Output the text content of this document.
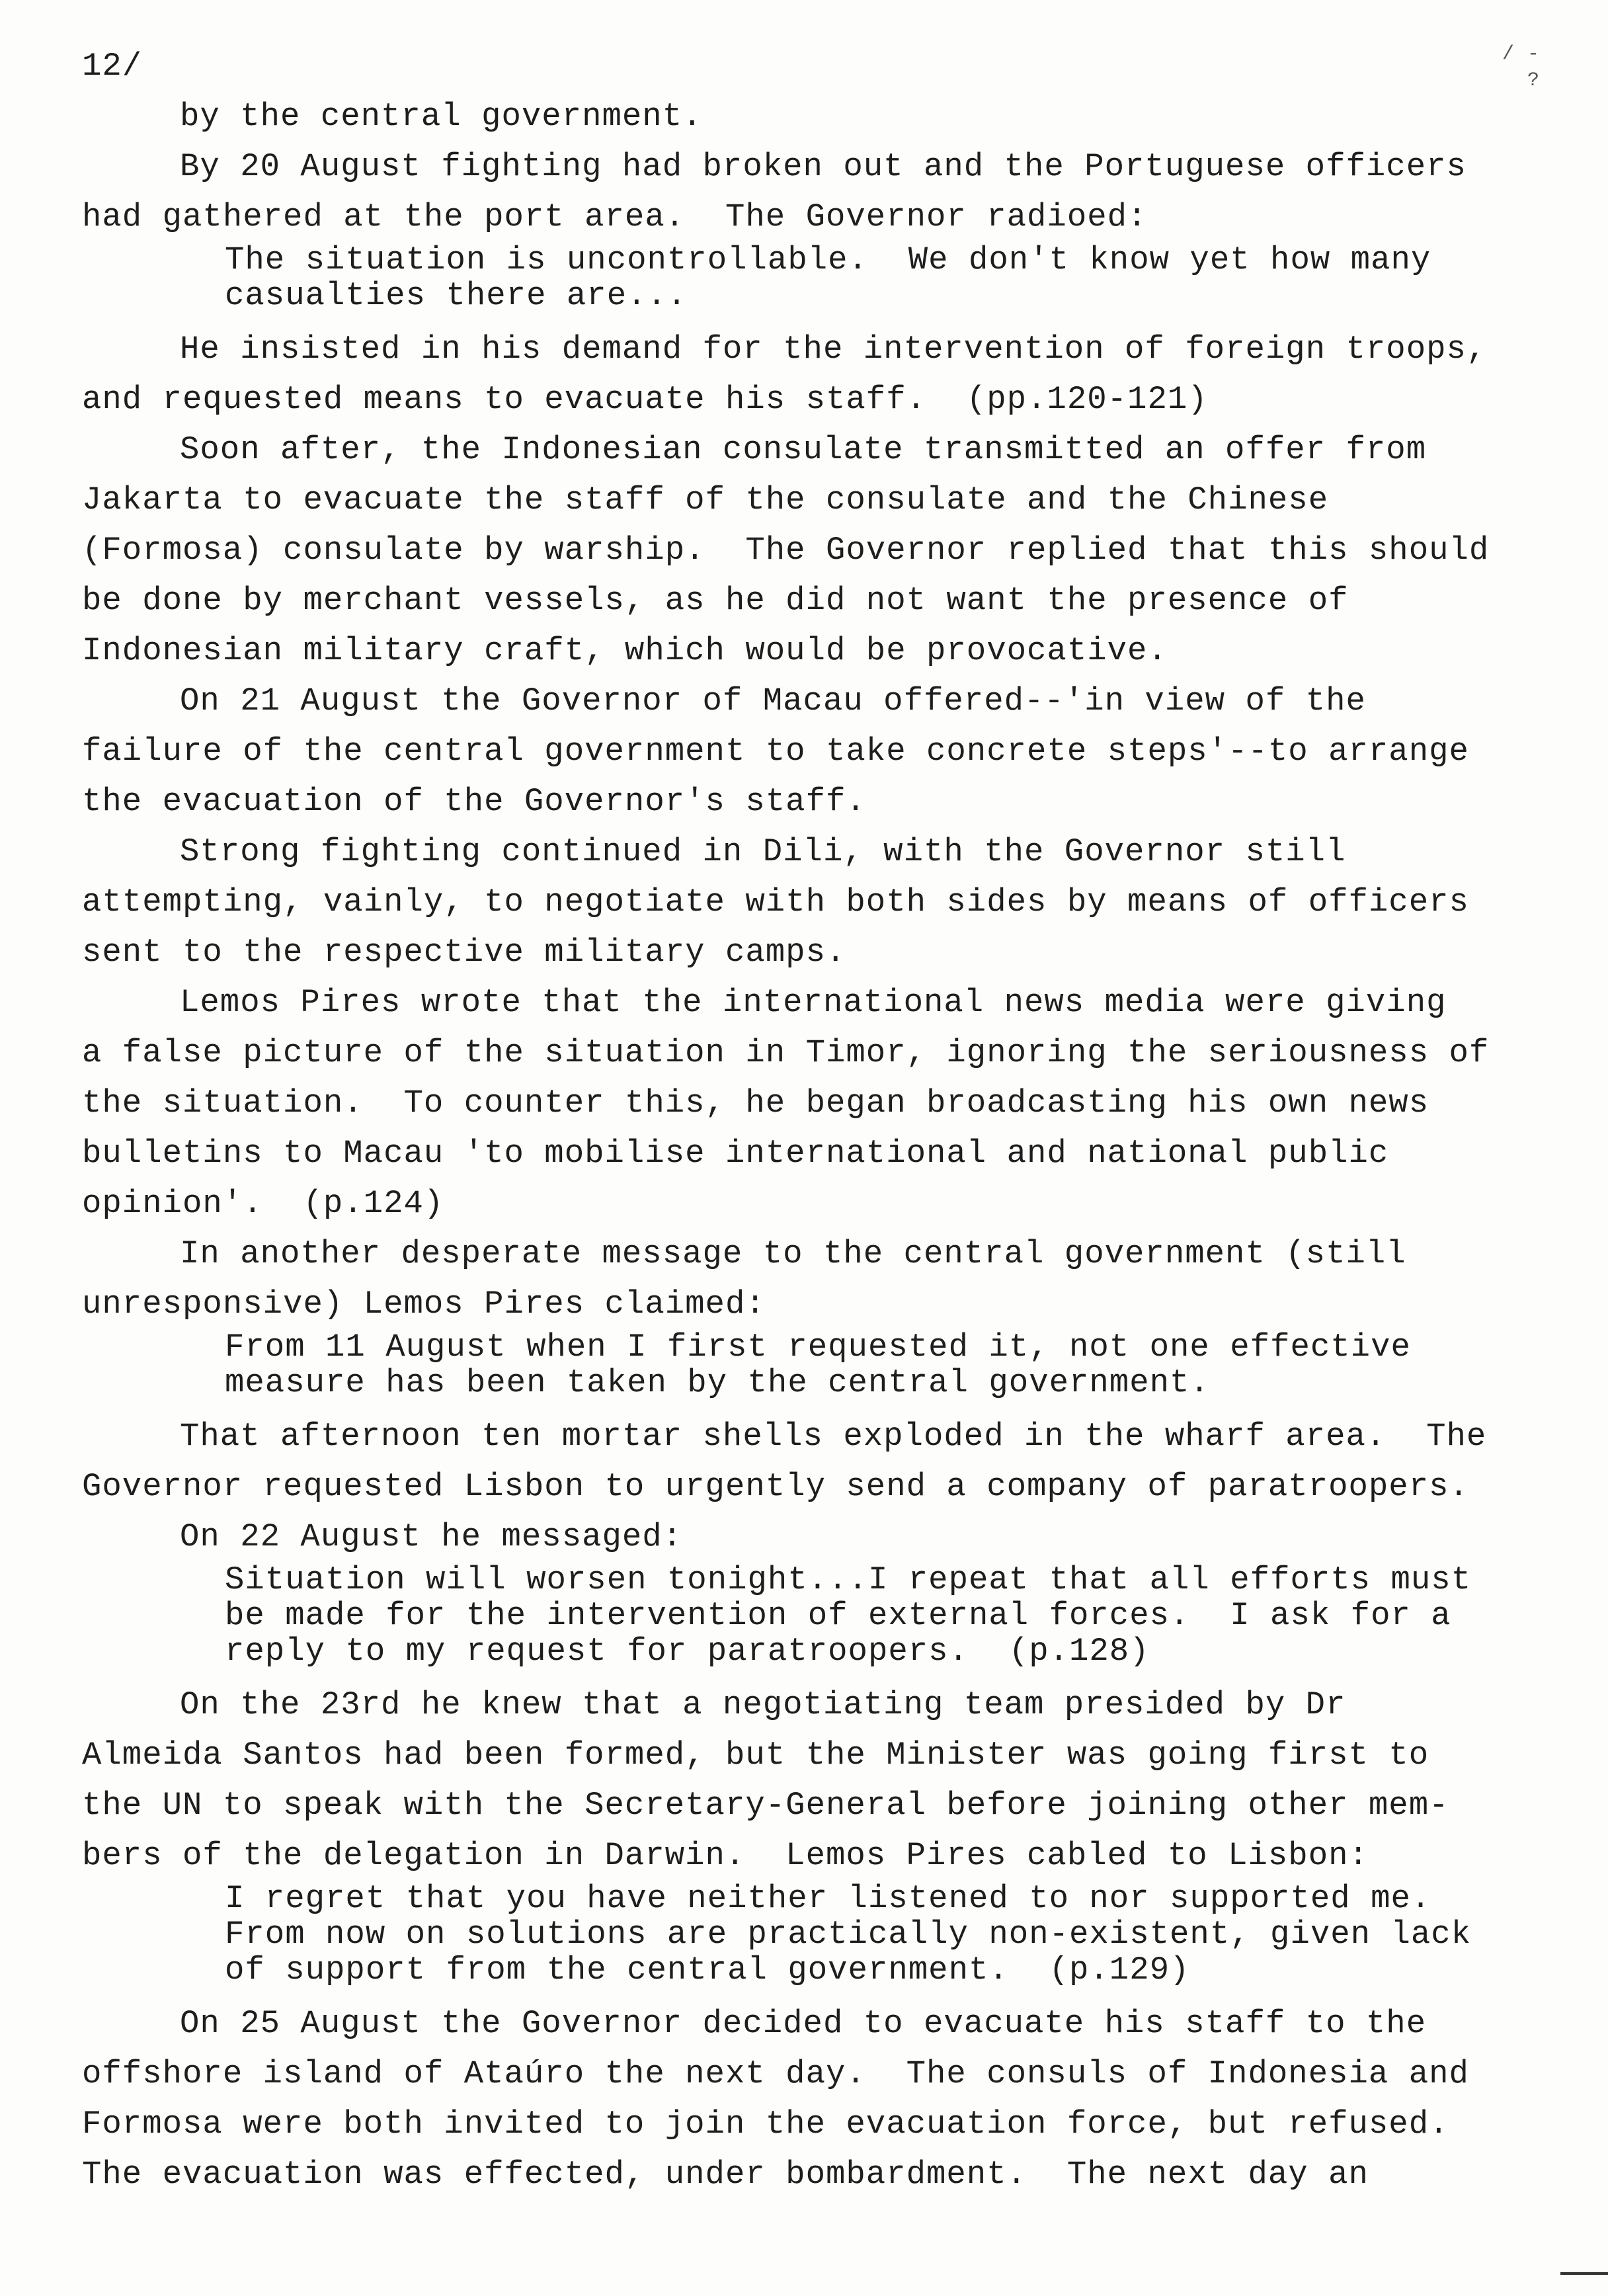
12/	/ -
?

by the central government.

By 20 August fighting had broken out and the Portuguese officers

had gathered at the port area.  The Governor radioed:

The situation is uncontrollable.  We don't know yet how many
casualties there are...

He insisted in his demand for the intervention of foreign troops,

and requested means to evacuate his staff.  (pp.120-121)

Soon after, the Indonesian consulate transmitted an offer from

Jakarta to evacuate the staff of the consulate and the Chinese

(Formosa) consulate by warship.  The Governor replied that this should

be done by merchant vessels, as he did not want the presence of

Indonesian military craft, which would be provocative.

On 21 August the Governor of Macau offered--'in view of the

failure of the central government to take concrete steps'--to arrange

the evacuation of the Governor's staff.

Strong fighting continued in Dili, with the Governor still

attempting, vainly, to negotiate with both sides by means of officers

sent to the respective military camps.

Lemos Pires wrote that the international news media were giving

a false picture of the situation in Timor, ignoring the seriousness of

the situation.  To counter this, he began broadcasting his own news

bulletins to Macau 'to mobilise international and national public

opinion'.  (p.124)

In another desperate message to the central government (still

unresponsive) Lemos Pires claimed:

From 11 August when I first requested it, not one effective
measure has been taken by the central government.

That afternoon ten mortar shells exploded in the wharf area.  The

Governor requested Lisbon to urgently send a company of paratroopers.

On 22 August he messaged:

Situation will worsen tonight...I repeat that all efforts must
be made for the intervention of external forces.  I ask for a
reply to my request for paratroopers.  (p.128)

On the 23rd he knew that a negotiating team presided by Dr

Almeida Santos had been formed, but the Minister was going first to

the UN to speak with the Secretary-General before joining other mem-

bers of the delegation in Darwin.  Lemos Pires cabled to Lisbon:

I regret that you have neither listened to nor supported me.
From now on solutions are practically non-existent, given lack
of support from the central government.  (p.129)

On 25 August the Governor decided to evacuate his staff to the

offshore island of Ataúro the next day.  The consuls of Indonesia and

Formosa were both invited to join the evacuation force, but refused.

The evacuation was effected, under bombardment.  The next day an
